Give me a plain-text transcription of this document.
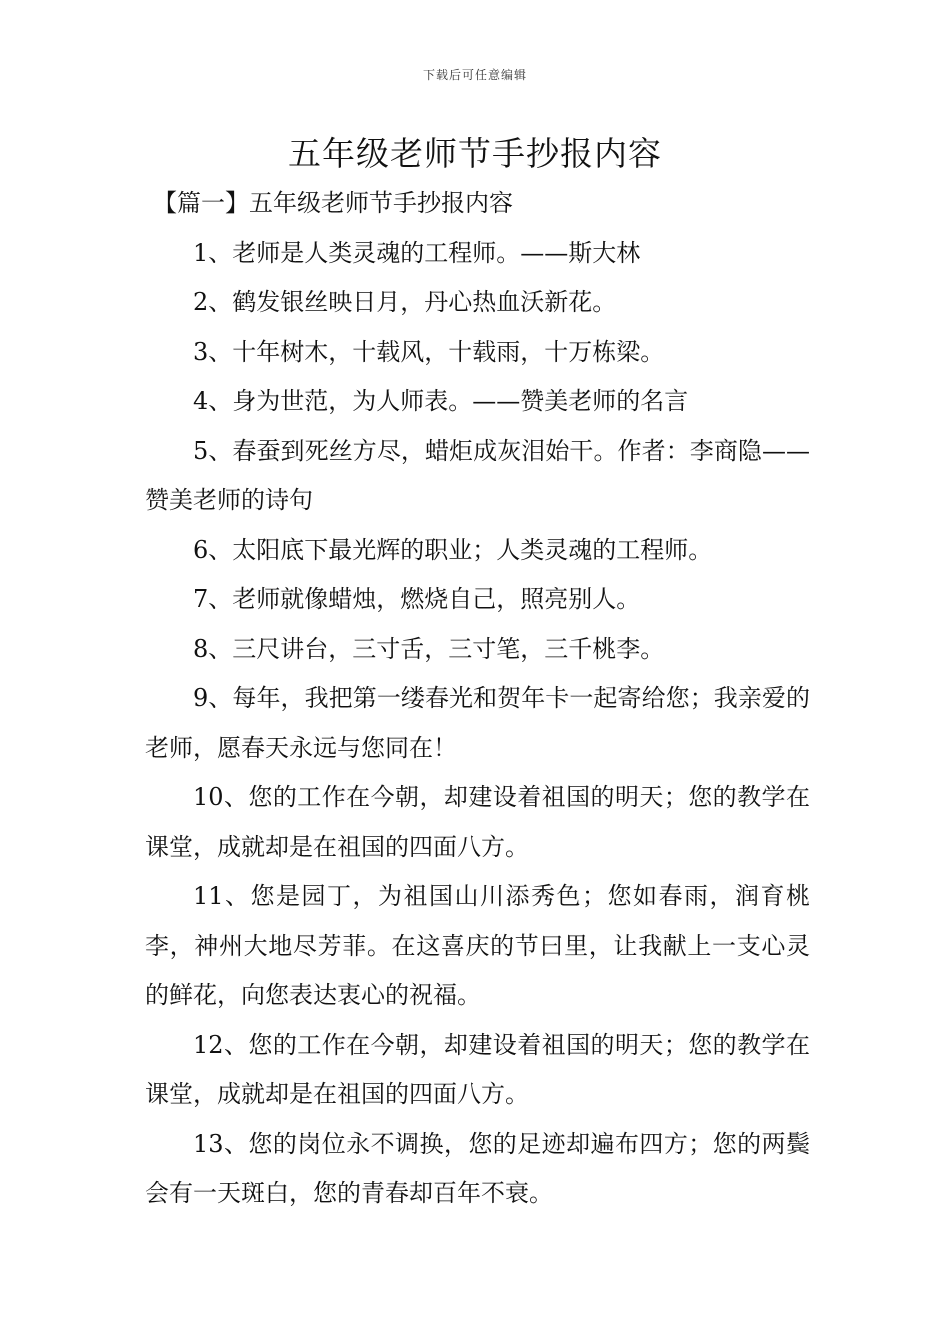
下载后可任意编辑
五年级老师节手抄报内容

【篇一】五年级老师节手抄报内容

1、老师是人类灵魂的工程师。——斯大林

2、鹤发银丝映日月，丹心热血沃新花。

3、十年树木，十载风，十载雨，十万栋梁。

4、身为世范，为人师表。——赞美老师的名言

5、春蚕到死丝方尽，蜡炬成灰泪始干。作者：李商隐——赞美老师的诗句

6、太阳底下最光辉的职业；人类灵魂的工程师。

7、老师就像蜡烛，燃烧自己，照亮别人。

8、三尺讲台，三寸舌，三寸笔，三千桃李。

9、每年，我把第一缕春光和贺年卡一起寄给您；我亲爱的老师，愿春天永远与您同在！

10、您的工作在今朝，却建设着祖国的明天；您的教学在课堂，成就却是在祖国的四面八方。

11、您是园丁，为祖国山川添秀色；您如春雨，润育桃李，神州大地尽芳菲。在这喜庆的节曰里，让我献上一支心灵的鲜花，向您表达衷心的祝福。

12、您的工作在今朝，却建设着祖国的明天；您的教学在课堂，成就却是在祖国的四面八方。

13、您的岗位永不调换，您的足迹却遍布四方；您的两鬓会有一天斑白，您的青春却百年不衰。
